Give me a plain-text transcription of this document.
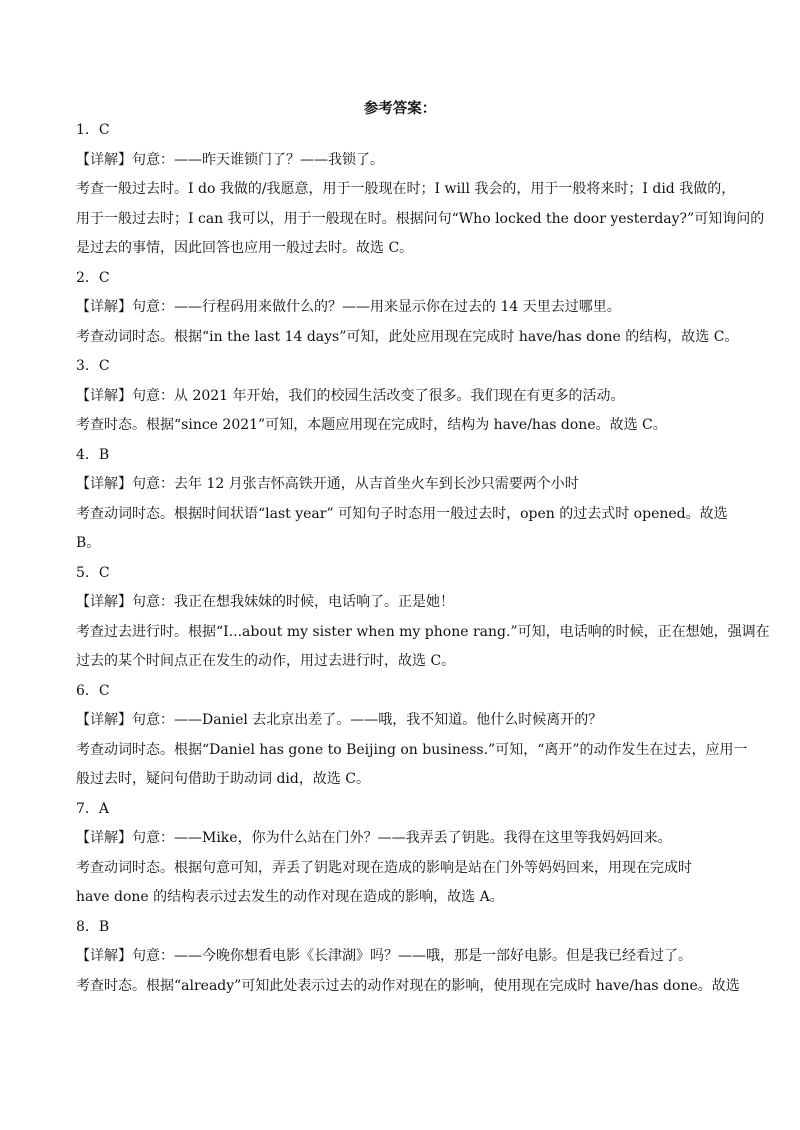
参考答案：
1．C
【详解】句意：——昨天谁锁门了？——我锁了。
考查一般过去时。I do 我做的/我愿意，用于一般现在时；I will 我会的，用于一般将来时；I did 我做的，
用于一般过去时；I can 我可以，用于一般现在时。根据问句“Who locked the door yesterday?”可知询问的
是过去的事情，因此回答也应用一般过去时。故选 C。
2．C
【详解】句意：——行程码用来做什么的？——用来显示你在过去的 14 天里去过哪里。
考查动词时态。根据“in the last 14 days”可知，此处应用现在完成时 have/has done 的结构，故选 C。
3．C
【详解】句意：从 2021 年开始，我们的校园生活改变了很多。我们现在有更多的活动。
考查时态。根据“since 2021”可知，本题应用现在完成时，结构为 have/has done。故选 C。
4．B
【详解】句意：去年 12 月张吉怀高铁开通，从吉首坐火车到长沙只需要两个小时
考查动词时态。根据时间状语“last year” 可知句子时态用一般过去时，open 的过去式时 opened。故选
B。
5．C
【详解】句意：我正在想我妹妹的时候，电话响了。正是她！
考查过去进行时。根据“I...about my sister when my phone rang.”可知，电话响的时候，正在想她，强调在
过去的某个时间点正在发生的动作，用过去进行时，故选 C。
6．C
【详解】句意：——Daniel 去北京出差了。——哦，我不知道。他什么时候离开的？
考查动词时态。根据“Daniel has gone to Beijing on business.”可知，“离开”的动作发生在过去，应用一
般过去时，疑问句借助于助动词 did，故选 C。
7．A
【详解】句意：——Mike，你为什么站在门外？——我弄丢了钥匙。我得在这里等我妈妈回来。
考查动词时态。根据句意可知，弄丢了钥匙对现在造成的影响是站在门外等妈妈回来，用现在完成时
have done 的结构表示过去发生的动作对现在造成的影响，故选 A。
8．B
【详解】句意：——今晚你想看电影《长津湖》吗？——哦，那是一部好电影。但是我已经看过了。
考查时态。根据“already”可知此处表示过去的动作对现在的影响，使用现在完成时 have/has done。故选
